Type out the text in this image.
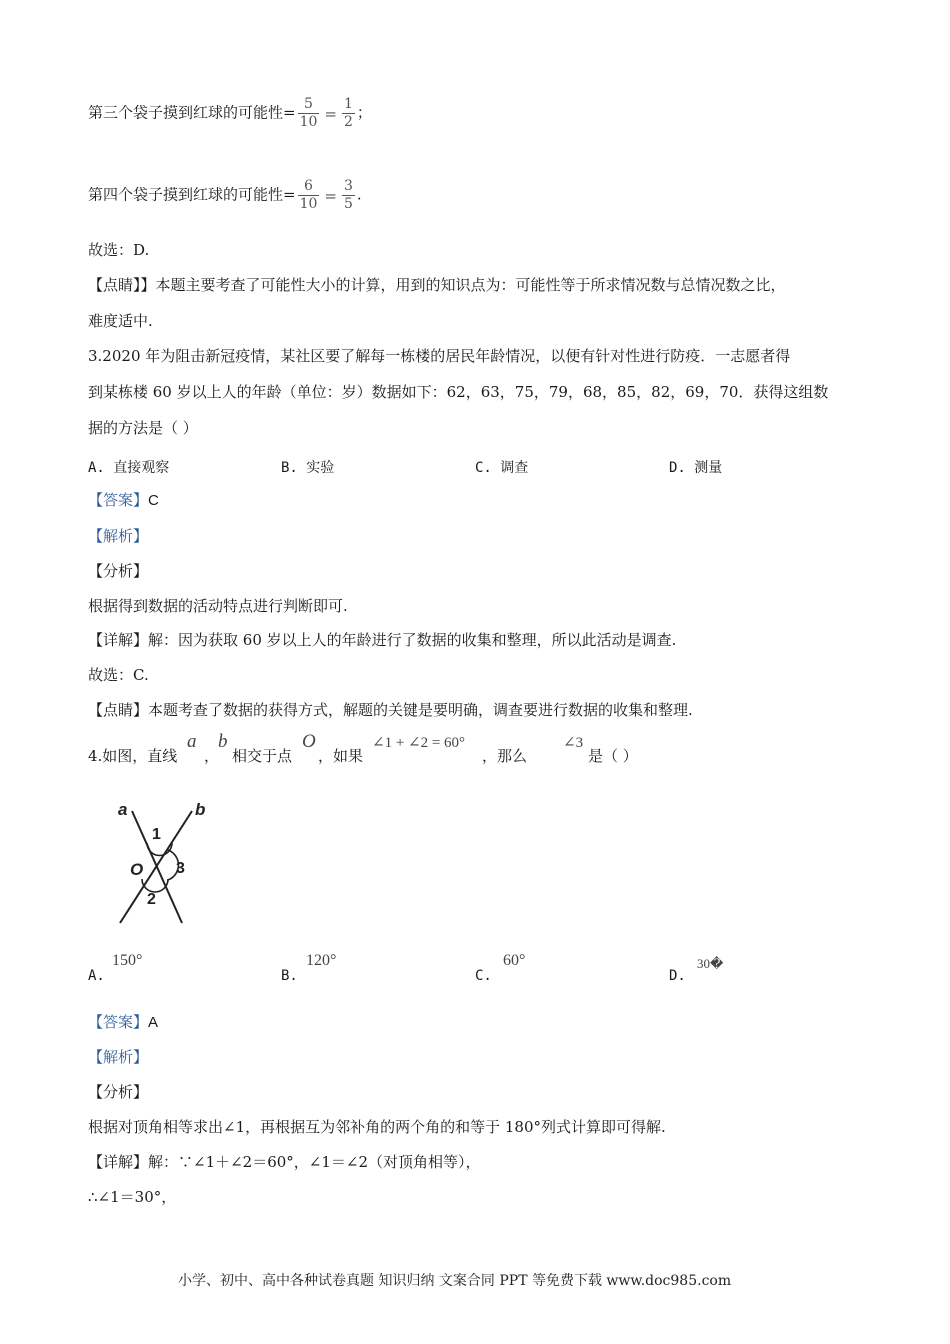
第三个袋子摸到红球的可能性= $\frac{5}{10} = \frac{1}{2}$ ；
第四个袋子摸到红球的可能性= $\frac{6}{10} = \frac{3}{5}$ .
故选：D.
【点睛】】本题主要考查了可能性大小的计算，用到的知识点为：可能性等于所求情况数与总情况数之比，
难度适中.
3.2020 年为阻击新冠疫情，某社区要了解每一栋楼的居民年龄情况，以便有针对性进行防疫．一志愿者得
到某栋楼 60 岁以上人的年龄（单位：岁）数据如下：62，63，75，79，68，85，82，69，70．获得这组数
据的方法是（ ）
A. 直接观察	B. 实验	C. 调查	D. 测量
【答案】C
【解析】
【分析】
根据得到数据的活动特点进行判断即可.
【详解】解：因为获取 60 岁以上人的年龄进行了数据的收集和整理，所以此活动是调查.
故选：C.
【点睛】本题考查了数据的获得方式，解题的关键是要明确，调查要进行数据的收集和整理.
4.如图，直线
a
，
b
相交于点
O
，如果
∠1 + ∠2 = 60°
，那么
∠3
是（ ）
a	b
1
O 3
2
A.
150°
B.
120°
C.
60°
D.
30�
【答案】A
【解析】
【分析】
根据对顶角相等求出∠1，再根据互为邻补角的两个角的和等于 180°列式计算即可得解.
【详解】解：∵∠1＋∠2＝60°，∠1＝∠2（对顶角相等），
∴∠1＝30°，
小学、初中、高中各种试卷真题 知识归纳 文案合同 PPT 等免费下载 www.doc985.com
